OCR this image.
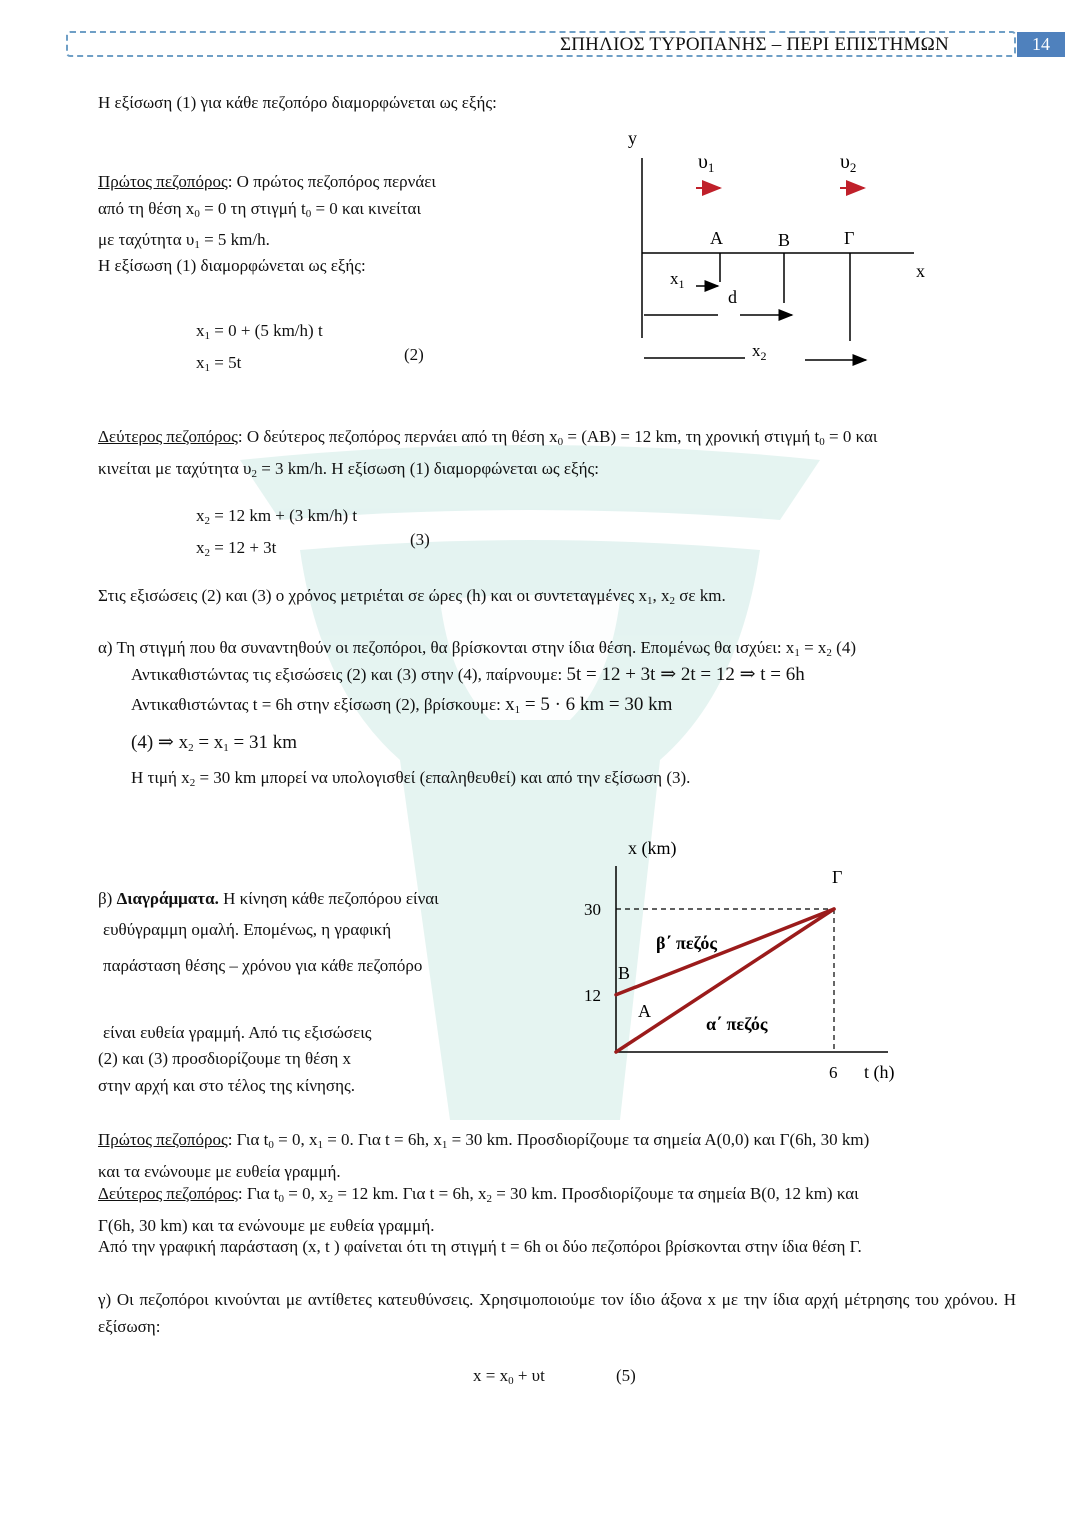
ΣΠΗΛΙΟΣ ΤΥΡΟΠΑΝΗΣ – ΠΕΡΙ ΕΠΙΣΤΗΜΩΝ	14
Η εξίσωση (1) για κάθε πεζοπόρο διαμορφώνεται ως εξής:
Πρώτος πεζοπόρος: Ο πρώτος πεζοπόρος περνάει
από τη θέση $x_0 = 0$ τη στιγμή $t_0 = 0$ και κινείται
με ταχύτητα $\upsilon_1 = 5$ km/h.
Η εξίσωση (1) διαμορφώνεται ως εξής:
$x_1 = 0 + (5$ km/h) t
$x_1 = 5t$	(2)
y
x
$\upsilon_1$	$\upsilon_2$
Α	Β	Γ
$x_1$
d
$x_2$
Δεύτερος πεζοπόρος: Ο δεύτερος πεζοπόρος περνάει από τη θέση $x_0 = (AB) = 12$ km, τη χρονική στιγμή $t_0 = 0$ και
κινείται με ταχύτητα $\upsilon_2 = 3$ km/h. Η εξίσωση (1) διαμορφώνεται ως εξής:
$x_2 = 12$ km + (3 km/h) t
$x_2 = 12 + 3t$	(3)
Στις εξισώσεις (2) και (3) ο χρόνος μετριέται σε ώρες (h) και οι συντεταγμένες $x_1$, $x_2$ σε km.
α) Τη στιγμή που θα συναντηθούν οι πεζοπόροι, θα βρίσκονται στην ίδια θέση. Επομένως θα ισχύει: $x_1 = x_2$ (4)
Αντικαθιστώντας τις εξισώσεις (2) και (3) στην (4), παίρνουμε: 5t = 12 + 3t ⇒ 2t = 12 ⇒ t = 6h
Αντικαθιστώντας t = 6h στην εξίσωση (2), βρίσκουμε: $x_1 = 5 \cdot 6$ km = 30 km
(4) ⇒ $x_2 = x_1 = 31$ km
Η τιμή $x_2 = 30$ km μπορεί να υπολογισθεί (επαληθευθεί) και από την εξίσωση (3).
β) Διαγράμματα. Η κίνηση κάθε πεζοπόρου είναι
ευθύγραμμη ομαλή. Επομένως, η γραφική
παράσταση θέσης – χρόνου για κάθε πεζοπόρο
είναι ευθεία γραμμή. Από τις εξισώσεις
(2) και (3) προσδιορίζουμε τη θέση x
στην αρχή και στο τέλος της κίνησης.
x (km)
t (h)
12
30
6
Α
Β
Γ
β΄ πεζός
α΄ πεζός
Πρώτος πεζοπόρος: Για $t_0 = 0$, $x_1 = 0$. Για t = 6h, $x_1 = 30$ km. Προσδιορίζουμε τα σημεία Α(0,0) και Γ(6h, 30 km)
και τα ενώνουμε με ευθεία γραμμή.
Δεύτερος πεζοπόρος: Για $t_0 = 0$, $x_2 = 12$ km. Για t = 6h, $x_2 = 30$ km. Προσδιορίζουμε τα σημεία Β(0, 12 km) και
Γ(6h, 30 km) και τα ενώνουμε με ευθεία γραμμή.
Από την γραφική παράσταση (x, t ) φαίνεται ότι τη στιγμή t = 6h οι δύο πεζοπόροι βρίσκονται στην ίδια θέση Γ.
γ) Οι πεζοπόροι κινούνται με αντίθετες κατευθύνσεις. Χρησιμοποιούμε τον ίδιο άξονα x με την ίδια αρχή μέτρησης του χρόνου. Η εξίσωση:
$x = x_0 + \upsilon t$	(5)
